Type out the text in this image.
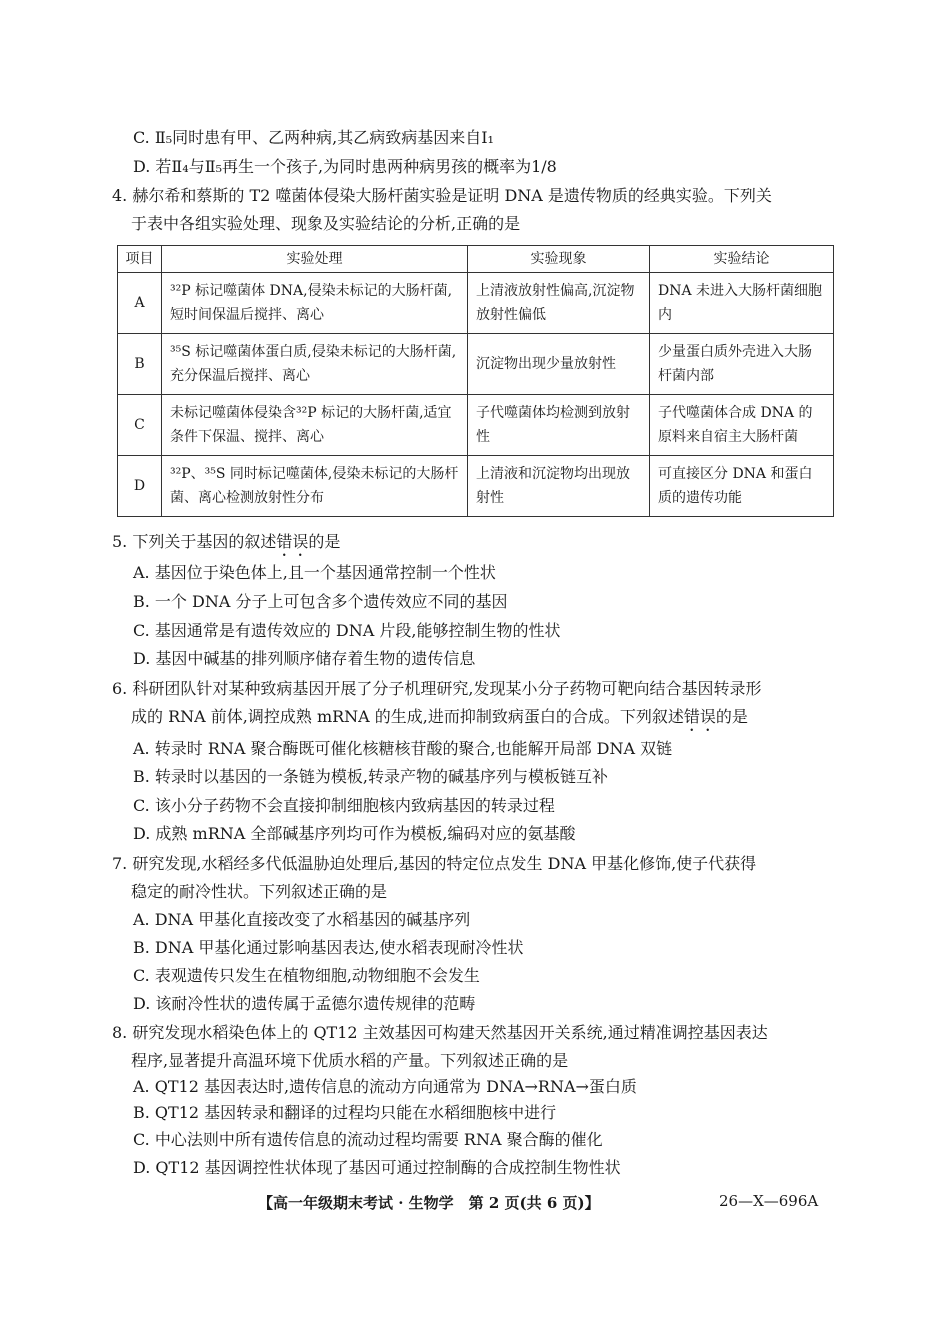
C. Ⅱ₅同时患有甲、乙两种病,其乙病致病基因来自Ⅰ₁
D. 若Ⅱ₄与Ⅱ₅再生一个孩子,为同时患两种病男孩的概率为1/8
4. 赫尔希和蔡斯的 T2 噬菌体侵染大肠杆菌实验是证明 DNA 是遗传物质的经典实验。下列关
于表中各组实验处理、现象及实验结论的分析,正确的是
项目	实验处理	实验现象	实验结论
A	³²P 标记噬菌体 DNA,侵染未标记的大肠杆菌,短时间保温后搅拌、离心	上清液放射性偏高,沉淀物放射性偏低	DNA 未进入大肠杆菌细胞内
B	³⁵S 标记噬菌体蛋白质,侵染未标记的大肠杆菌,充分保温后搅拌、离心	沉淀物出现少量放射性	少量蛋白质外壳进入大肠杆菌内部
C	未标记噬菌体侵染含³²P 标记的大肠杆菌,适宜条件下保温、搅拌、离心	子代噬菌体均检测到放射性	子代噬菌体合成 DNA 的原料来自宿主大肠杆菌
D	³²P、³⁵S 同时标记噬菌体,侵染未标记的大肠杆菌、离心检测放射性分布	上清液和沉淀物均出现放射性	可直接区分 DNA 和蛋白质的遗传功能
5. 下列关于基因的叙述错误的是
A. 基因位于染色体上,且一个基因通常控制一个性状
B. 一个 DNA 分子上可包含多个遗传效应不同的基因
C. 基因通常是有遗传效应的 DNA 片段,能够控制生物的性状
D. 基因中碱基的排列顺序储存着生物的遗传信息
6. 科研团队针对某种致病基因开展了分子机理研究,发现某小分子药物可靶向结合基因转录形
成的 RNA 前体,调控成熟 mRNA 的生成,进而抑制致病蛋白的合成。下列叙述错误的是
A. 转录时 RNA 聚合酶既可催化核糖核苷酸的聚合,也能解开局部 DNA 双链
B. 转录时以基因的一条链为模板,转录产物的碱基序列与模板链互补
C. 该小分子药物不会直接抑制细胞核内致病基因的转录过程
D. 成熟 mRNA 全部碱基序列均可作为模板,编码对应的氨基酸
7. 研究发现,水稻经多代低温胁迫处理后,基因的特定位点发生 DNA 甲基化修饰,使子代获得
稳定的耐冷性状。下列叙述正确的是
A. DNA 甲基化直接改变了水稻基因的碱基序列
B. DNA 甲基化通过影响基因表达,使水稻表现耐冷性状
C. 表观遗传只发生在植物细胞,动物细胞不会发生
D. 该耐冷性状的遗传属于孟德尔遗传规律的范畴
8. 研究发现水稻染色体上的 QT12 主效基因可构建天然基因开关系统,通过精准调控基因表达
程序,显著提升高温环境下优质水稻的产量。下列叙述正确的是
A. QT12 基因表达时,遗传信息的流动方向通常为 DNA→RNA→蛋白质
B. QT12 基因转录和翻译的过程均只能在水稻细胞核中进行
C. 中心法则中所有遗传信息的流动过程均需要 RNA 聚合酶的催化
D. QT12 基因调控性状体现了基因可通过控制酶的合成控制生物性状
【高一年级期末考试 · 生物学　第 2 页(共 6 页)】	26—X—696A
